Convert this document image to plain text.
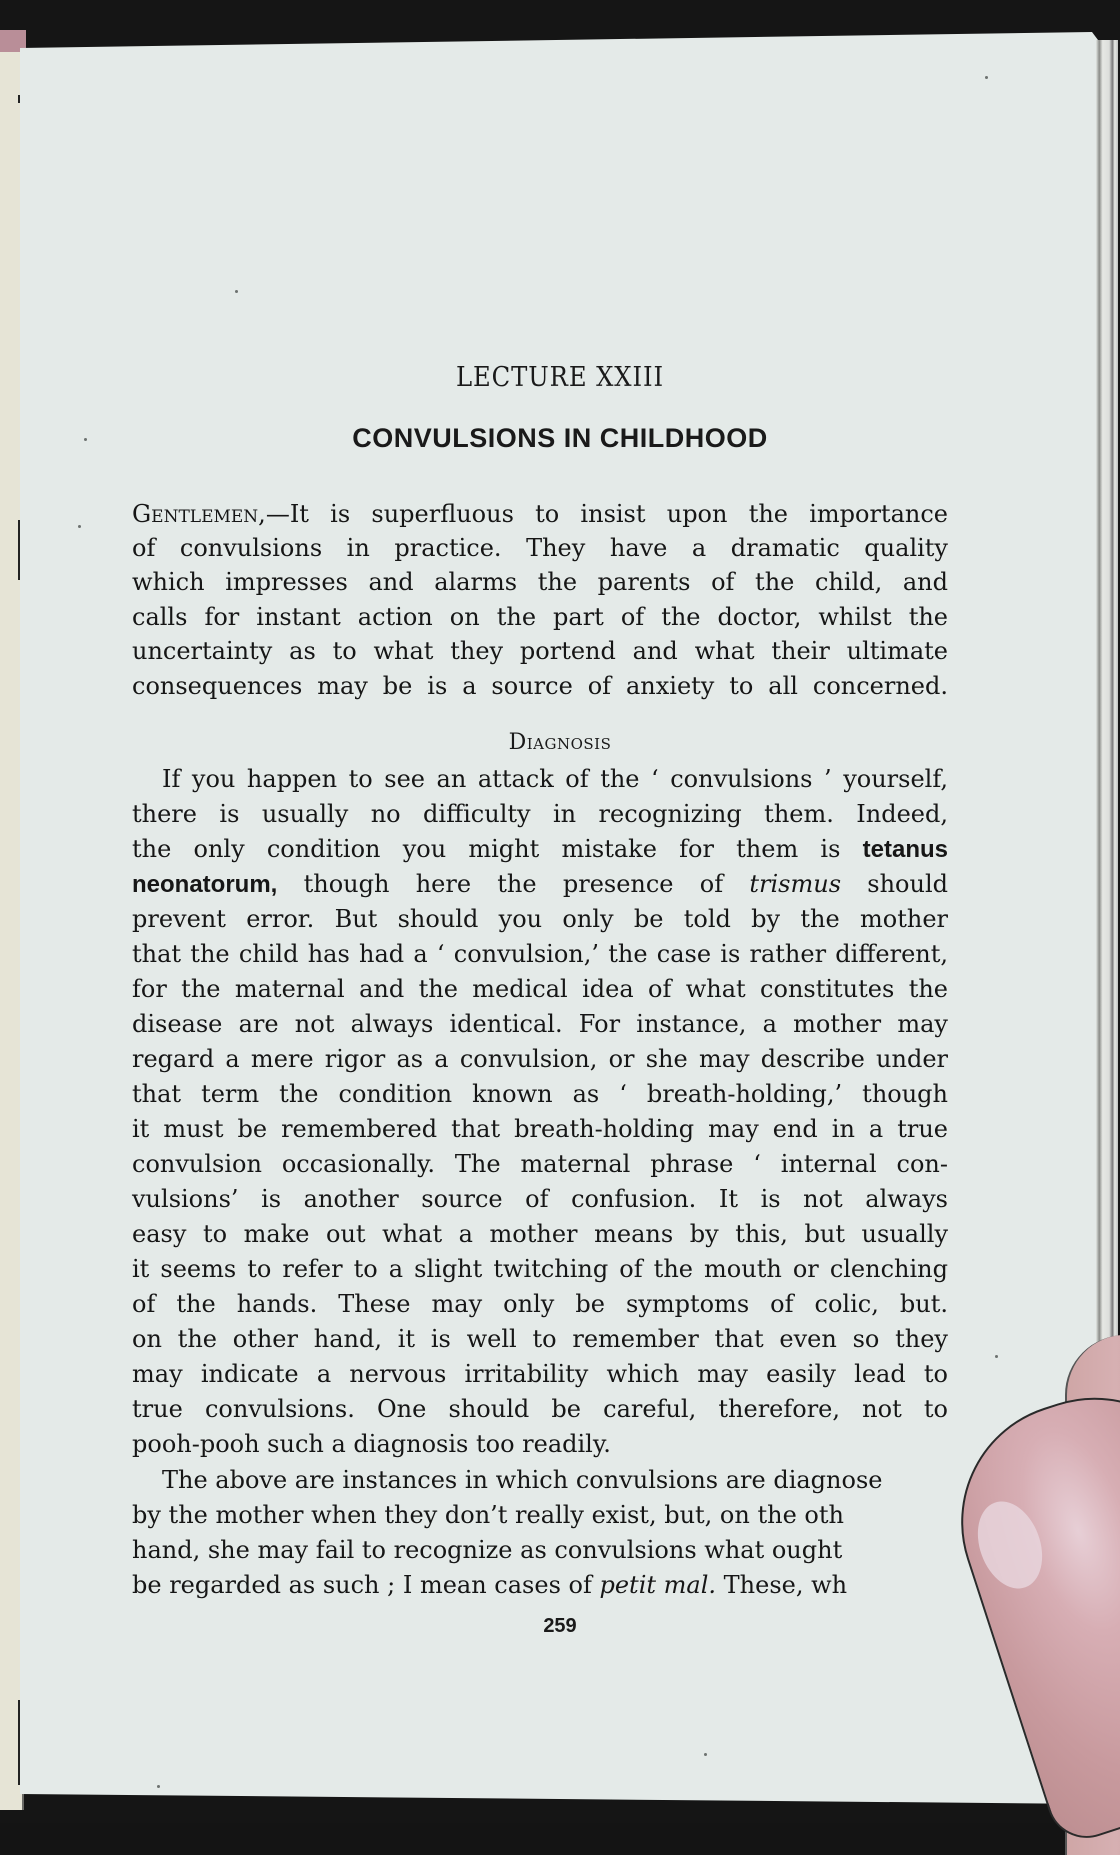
LECTURE XXIII
CONVULSIONS IN CHILDHOOD
Gentlemen,—It is superfluous to insist upon the importance
of convulsions in practice. They have a dramatic quality
which impresses and alarms the parents of the child, and
calls for instant action on the part of the doctor, whilst the
uncertainty as to what they portend and what their ultimate
consequences may be is a source of anxiety to all concerned.
Diagnosis
If you happen to see an attack of the ‘ convulsions ’ yourself,
there is usually no difficulty in recognizing them. Indeed,
the only condition you might mistake for them is tetanus
neonatorum, though here the presence of trismus should
prevent error. But should you only be told by the mother
that the child has had a ‘ convulsion,’ the case is rather different,
for the maternal and the medical idea of what constitutes the
disease are not always identical. For instance, a mother may
regard a mere rigor as a convulsion, or she may describe under
that term the condition known as ‘ breath-holding,’ though
it must be remembered that breath-holding may end in a true
convulsion occasionally. The maternal phrase ‘ internal con-
vulsions’ is another source of confusion. It is not always
easy to make out what a mother means by this, but usually
it seems to refer to a slight twitching of the mouth or clenching
of the hands. These may only be symptoms of colic, but.
on the other hand, it is well to remember that even so they
may indicate a nervous irritability which may easily lead to
true convulsions. One should be careful, therefore, not to
pooh-pooh such a diagnosis too readily.
The above are instances in which convulsions are diagnose
by the mother when they don’t really exist, but, on the oth
hand, she may fail to recognize as convulsions what ought
be regarded as such ; I mean cases of petit mal. These, wh
259
